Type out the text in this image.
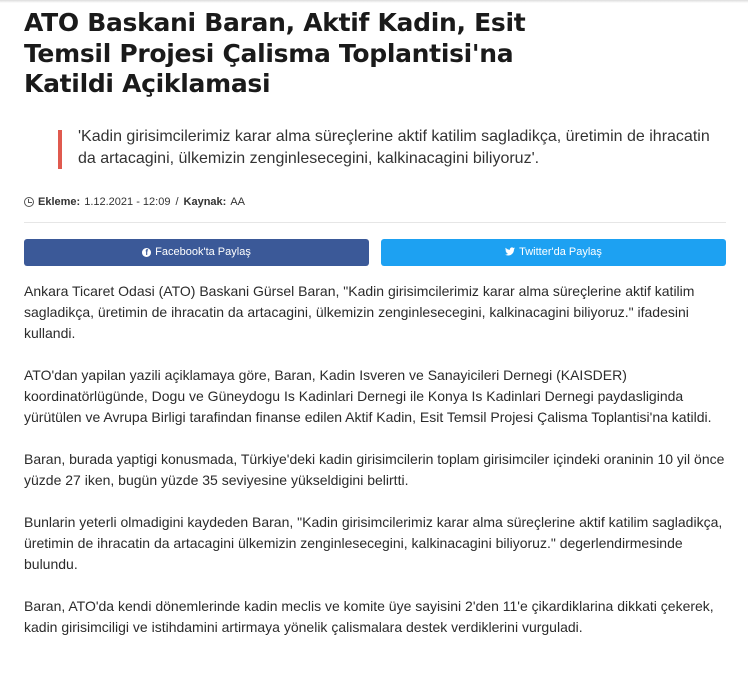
ATO Baskani Baran, Aktif Kadin, Esit Temsil Projesi Çalisma Toplantisi'na Katildi Açiklamasi

'Kadin girisimcilerimiz karar alma süreçlerine aktif katilim sagladikça, üretimin de ihracatin da artacagini, ülkemizin zenginlesecegini, kalkinacagini biliyoruz'.

Ekleme: 1.12.2021 - 12:09 / Kaynak: AA
f Facebook'ta Paylaş	Twitter'da Paylaş

Ankara Ticaret Odasi (ATO) Baskani Gürsel Baran, "Kadin girisimcilerimiz karar alma süreçlerine aktif katilim sagladikça, üretimin de ihracatin da artacagini, ülkemizin zenginlesecegini, kalkinacagini biliyoruz." ifadesini kullandi.

ATO'dan yapilan yazili açiklamaya göre, Baran, Kadin Isveren ve Sanayicileri Dernegi (KAISDER) koordinatörlügünde, Dogu ve Güneydogu Is Kadinlari Dernegi ile Konya Is Kadinlari Dernegi paydasliginda yürütülen ve Avrupa Birligi tarafindan finanse edilen Aktif Kadin, Esit Temsil Projesi Çalisma Toplantisi'na katildi.

Baran, burada yaptigi konusmada, Türkiye'deki kadin girisimcilerin toplam girisimciler içindeki oraninin 10 yil önce yüzde 27 iken, bugün yüzde 35 seviyesine yükseldigini belirtti.

Bunlarin yeterli olmadigini kaydeden Baran, "Kadin girisimcilerimiz karar alma süreçlerine aktif katilim sagladikça, üretimin de ihracatin da artacagini ülkemizin zenginlesecegini, kalkinacagini biliyoruz." degerlendirmesinde bulundu.

Baran, ATO'da kendi dönemlerinde kadin meclis ve komite üye sayisini 2'den 11'e çikardiklarina dikkati çekerek, kadin girisimciligi ve istihdamini artirmaya yönelik çalismalara destek verdiklerini vurguladi.
